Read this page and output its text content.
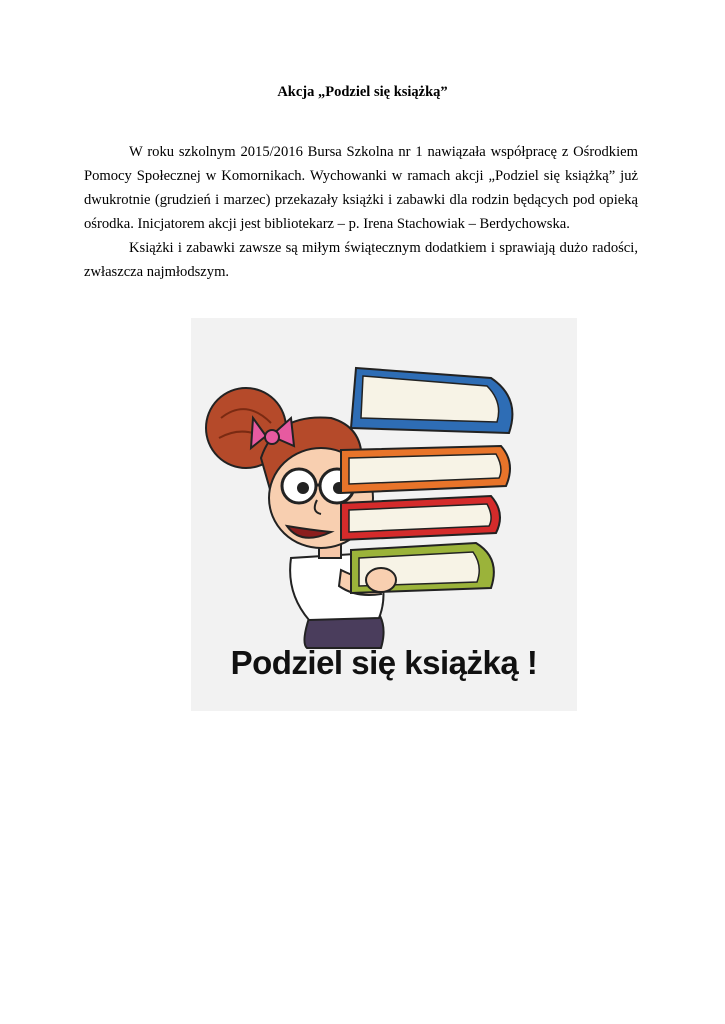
Akcja „Podziel się książką”

W roku szkolnym 2015/2016 Bursa Szkolna nr 1 nawiązała współpracę z Ośrodkiem Pomocy Społecznej w Komornikach. Wychowanki w ramach akcji „Podziel się książką” już dwukrotnie (grudzień i marzec) przekazały książki i zabawki dla rodzin będących pod opieką ośrodka. Inicjatorem akcji jest bibliotekarz – p. Irena Stachowiak – Berdychowska.

Książki i zabawki zawsze są miłym świątecznym dodatkiem i sprawiają dużo radości, zwłaszcza najmłodszym.

Podziel się książką !
